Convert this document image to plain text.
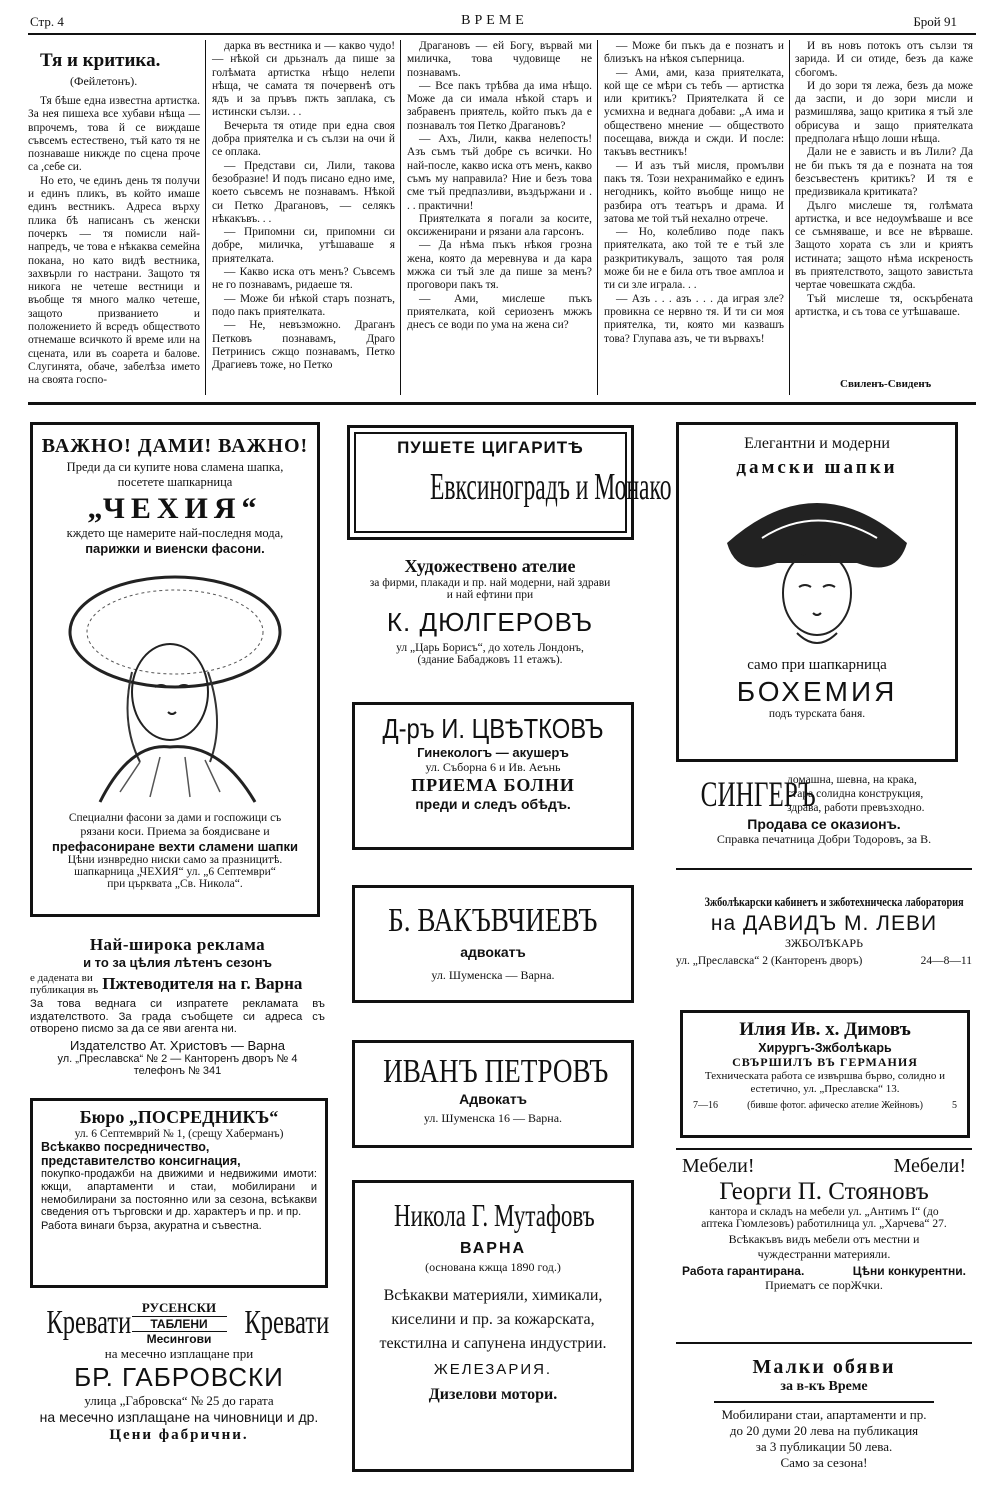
Стр. 4	ВРЕМЕ	Брой 91
Тя и критика.
(Фейлетонъ).

Тя бѣше една известна артистка. За нея пишеха все хубави нѣща — впрочемъ, това й се виждаше съвсемъ естествено, тъй като тя не познаваше никжде по сцена проче са ,себе си.

Но ето, че единъ день тя получи и единъ пликъ, въ който имаше единъ вестникъ. Адреса върху плика бѣ написанъ съ женски почеркъ — тя помисли най-напредъ, че това е нѣкаква семейна покана, но като видѣ вестника, захвърли го настрани. Защото тя никога не четеше вестници и въобще тя много малко четеше, защото призванието и положението й всредъ обществото отнемаше всичкото й време или на сцената, или въ соарета и балове. Слугинята, обаче, забелѣза името на своята госпо-

дарка въ вестника и — какво чудо! — нѣкой си дрьзналъ да пише за голѣмата артистка нѣщо нелепи нѣща, че самата тя почервенѣ отъ ядъ и за пръвъ пжть заплака, съ истински сълзи. . .

Вечерьта тя отиде при една своя добра приятелка и съ сълзи на очи й се оплака.

— Представи си, Лили, такова безобразие! И подъ писано едно име, което съвсемъ не познавамъ. Нѣкой си Петко Драгановъ, — селякъ нѣкакъвъ. . .

— Припомни си, припомни си добре, миличка, утѣшаваше я приятелката.

— Какво иска отъ менъ? Съвсемъ не го познавамъ, ридаеше тя.

— Може би нѣкой старъ познатъ, подо пакъ приятелката.

— Не, невъзможно. Драганъ Петковъ познавамъ, Драго Петринисъ сжщо познавамъ, Петко Драгиевъ тоже, но Петко

Драгановъ — ей Богу, вървай ми миличка, това чудовище не познавамъ.

— Все пакъ трѣбва да има нѣщо. Може да си имала нѣкой старъ и забравенъ приятель, който пъкъ да е познавалъ тоя Петко Драгановъ?

— Ахъ, Лили, каква нелепость! Азъ съмъ тъй добре съ всички. Но най-после, какво иска отъ менъ, какво съмъ му направила? Ние и безъ това сме тъй предпазливи, въздържани и . . . практични!

Приятелката я погали за косите, оксиженирани и рязани ала гарсонъ.

— Да нѣма пъкъ нѣкоя грозна жена, която да меревнува и да кара мжжа си тъй зле да пише за менъ? проговори пакъ тя.

— Ами, мислеше пъкъ приятелката, кой сериозенъ мжжъ днесъ се води по ума на жена си?

— Може би пъкъ да е познатъ и близъкъ на нѣкоя съперница.

— Ами, ами, каза приятелката, кой ще се мѣри съ тебъ — артистка или критикъ? Приятелката й се усмихна и веднага добави: „А има и обществено мнение — обществото посещава, вижда и сжди. И после: такъвъ вестникъ!

— И азъ тъй мисля, промълви пакъ тя. Този нехранимайко е единъ негодникъ, който въобще нищо не разбира отъ театъръ и драма. И затова ме той тъй нехално отрече.

— Но, колебливо поде пакъ приятелката, ако той те е тъй зле разкритикувалъ, защото тая роля може би не е била отъ твое амплоа и ти си зле играла. . .

— Азъ . . . азъ . . . да играя зле? провикна се нервно тя. И ти си моя приятелка, ти, която ми казвашъ това? Глупава азъ, че ти вървахъ!

И въ новъ потокъ отъ сълзи тя зарида. И си отиде, безъ да каже сбогомъ.

И до зори тя лежа, безъ да може да заспи, и до зори мисли и размишлява, защо критика я тъй зле обрисува и защо приятелката предполага нѣщо лоши нѣща.

Дали не е зависть и въ Лили? Да не би пъкъ тя да е позната на тоя безсъвестенъ критикъ? И тя е предизвикала критиката?

Дълго мислеше тя, голѣмата артистка, и все недоумѣваше и все се съмняваше, и все не вѣрваше. Защото хората съ зли и криятъ истината; защото нѣма искреность въ приятелството, защото завистьта чертае човешката сждба.

Тъй мислеше тя, оскърбената артистка, и съ това се утѣшаваше.

Свиленъ-Свиденъ
ВАЖНО! ДАМИ! ВАЖНО!
Преди да си купите нова сламена шапка,
посетете шапкарница
„ЧЕХИЯ“
кждето ще намерите най-последня мода,
парижки и виенски фасони.
Специални фасони за дами и госпожици съ
рязани коси. Приема за боядисване и
префасониране вехти сламени шапки
Цѣни изнвредно ниски само за празницитѣ.
шапкарница „ЧЕХИЯ“ ул. „6 Септември“
при църквата „Св. Никола“.
Най-широка реклама
и то за цѣлия лѣтенъ сезонъ
е дадената ви
публикация въ Пжтеводителя на г. Варна
За това веднага си изпратете рекламата въ издателството. За града съобщете си адреса съ отворено писмо за да се яви агента ни.
Издателство Ат. Христовъ — Варна
ул. „Преславска“ № 2 — Канторенъ дворъ № 4
телефонъ № 341
Бюро „ПОСРЕДНИКЪ“
ул. 6 Септемврий № 1, (срещу Хаберманъ)
Всѣкакво посредничество, представителство консигнация,
покупко-продажби на движими и недвижими имоти: кжщи, апартаменти и стаи, мобилирани и немобилирани за постоянно или за сезона, всѣкакви сведения отъ търговски и др. характеръ и пр. и пр.
Работа винаги бърза, акуратна и съвестна.
Кревати РУСЕНСКИ
ТАБЛЕНИ
Месингови Кревати
на месечно изплащане при
БР. ГАБРОВСКИ
улица „Габровска“ № 25 до гарата
на месечно изплащане на чиновници и др.
Цени фабрични.
ПУШЕТЕ ЦИГАРИТѢ
Евксиноградъ и Монако
Художествено ателие
за фирми, плакади и пр. най модерни, най здрави
и най ефтини при
К. ДЮЛГЕРОВЪ
ул „Царь Борисъ“, до хотель Лондонъ,
(здание Бабаджовъ 11 етажъ).
Д-ръ И. ЦВѢТКОВЪ
Гинекологъ — акушеръ
ул. Съборна 6 и Ив. Аеънь
ПРИЕМА БОЛНИ
преди и следъ обѣдъ.
Б. ВАКЪВЧИЕВЪ
адвокатъ
ул. Шуменска — Варна.
ИВАНЪ ПЕТРОВЪ
Адвокатъ
ул. Шуменска 16 — Варна.
Никола Г. Мутафовъ
ВАРНА
(основана кжща 1890 год.)
Всѣкакви материяли, химикали,
киселини и пр. за кожарската,
текстилна и сапунена индустрии.
ЖЕЛЕЗАРИЯ.
Дизелови мотори.
Елегантни и модерни
дамски шапки
само при шапкарница
БОХЕМИЯ
подъ турската баня.
СИНГЕРЪ
домашна, шевна, на крака,
стара солидна конструкция,
здрава, работи превъзходно.
Продава се оказионъ.
Справка печатница Добри Тодоровъ, за В.
Зжболѣкарски кабинетъ и зжботехническа лаборатория
на ДАВИДЪ М. ЛЕВИ
ЗЖБОЛѢКАРЬ
ул. „Преславска“ 2 (Канторенъ дворъ)	24—8—11
Илия Ив. х. Димовъ
Хирургъ-Зжболѣкарь
СВЪРШИЛЪ ВЪ ГЕРМАНИЯ
Техническата работа се извършва бърво, солидно и естетично, ул. „Преславска“ 13.
7—16	(бивше фотог. афическо ателие Жейновъ)	5
Мебели!	Мебели!
Георги П. Стояновъ
кантора и складъ на мебели ул. „Антимъ I“ (до
аптека Гюмлезовъ) работилница ул. „Харчева“ 27.
Всѣкакъвъ видъ мебели отъ местни и
чуждестранни материяли.
Работа гарантирана.	Цѣни конкурентни.
Приематъ се порЖчки.
Малки обяви
за в-къ Време
Мобилирани стаи, апартаменти и пр.
до 20 думи 20 лева на публикация
за 3 публикации 50 лева.
Само за сезона!
